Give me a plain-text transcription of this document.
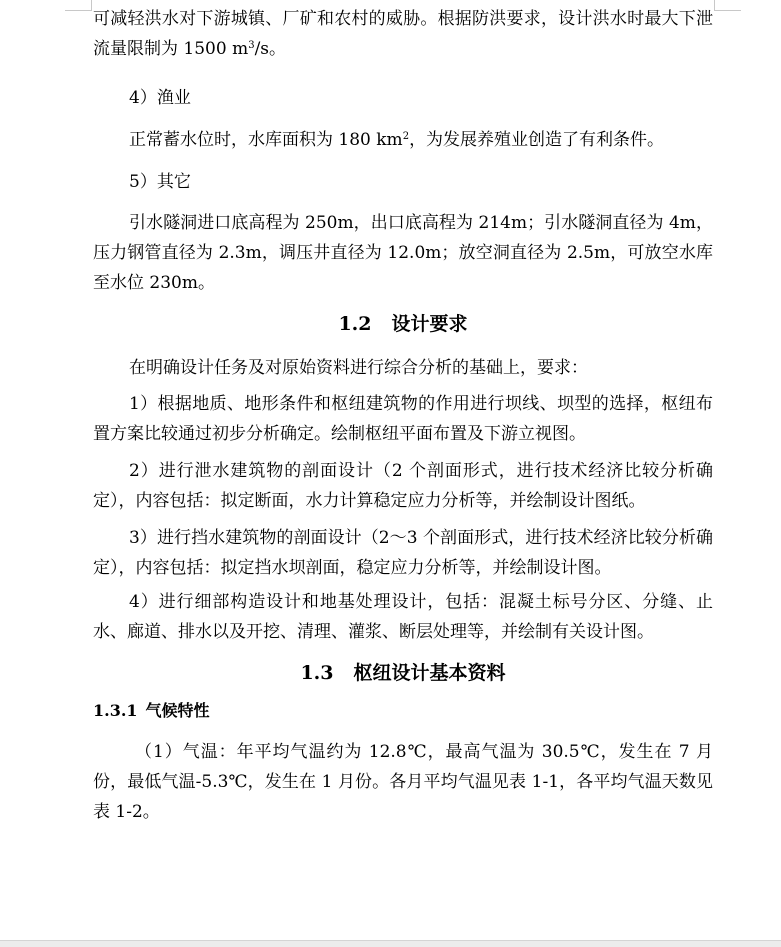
可减轻洪水对下游城镇、厂矿和农村的威胁。根据防洪要求，设计洪水时最大下泄流量限制为 1500 $m^3/s$。

4）渔业

正常蓄水位时，水库面积为 180 $km^2$，为发展养殖业创造了有利条件。

5）其它

引水隧洞进口底高程为 250m，出口底高程为 214m；引水隧洞直径为 4m，压力钢管直径为 2.3m，调压井直径为 12.0m；放空洞直径为 2.5m，可放空水库至水位 230m。

1.2 设计要求

在明确设计任务及对原始资料进行综合分析的基础上，要求：

1）根据地质、地形条件和枢纽建筑物的作用进行坝线、坝型的选择，枢纽布置方案比较通过初步分析确定。绘制枢纽平面布置及下游立视图。

2）进行泄水建筑物的剖面设计（2 个剖面形式，进行技术经济比较分析确定），内容包括：拟定断面，水力计算稳定应力分析等，并绘制设计图纸。

3）进行挡水建筑物的剖面设计（2～3 个剖面形式，进行技术经济比较分析确定），内容包括：拟定挡水坝剖面，稳定应力分析等，并绘制设计图。

4）进行细部构造设计和地基处理设计，包括：混凝土标号分区、分缝、止水、廊道、排水以及开挖、清理、灌浆、断层处理等，并绘制有关设计图。

1.3 枢纽设计基本资料

1.3.1 气候特性

（1）气温：年平均气温约为 12.8℃，最高气温为 30.5℃，发生在 7 月份，最低气温-5.3℃，发生在 1 月份。各月平均气温见表 1-1，各平均气温天数见表 1-2。
